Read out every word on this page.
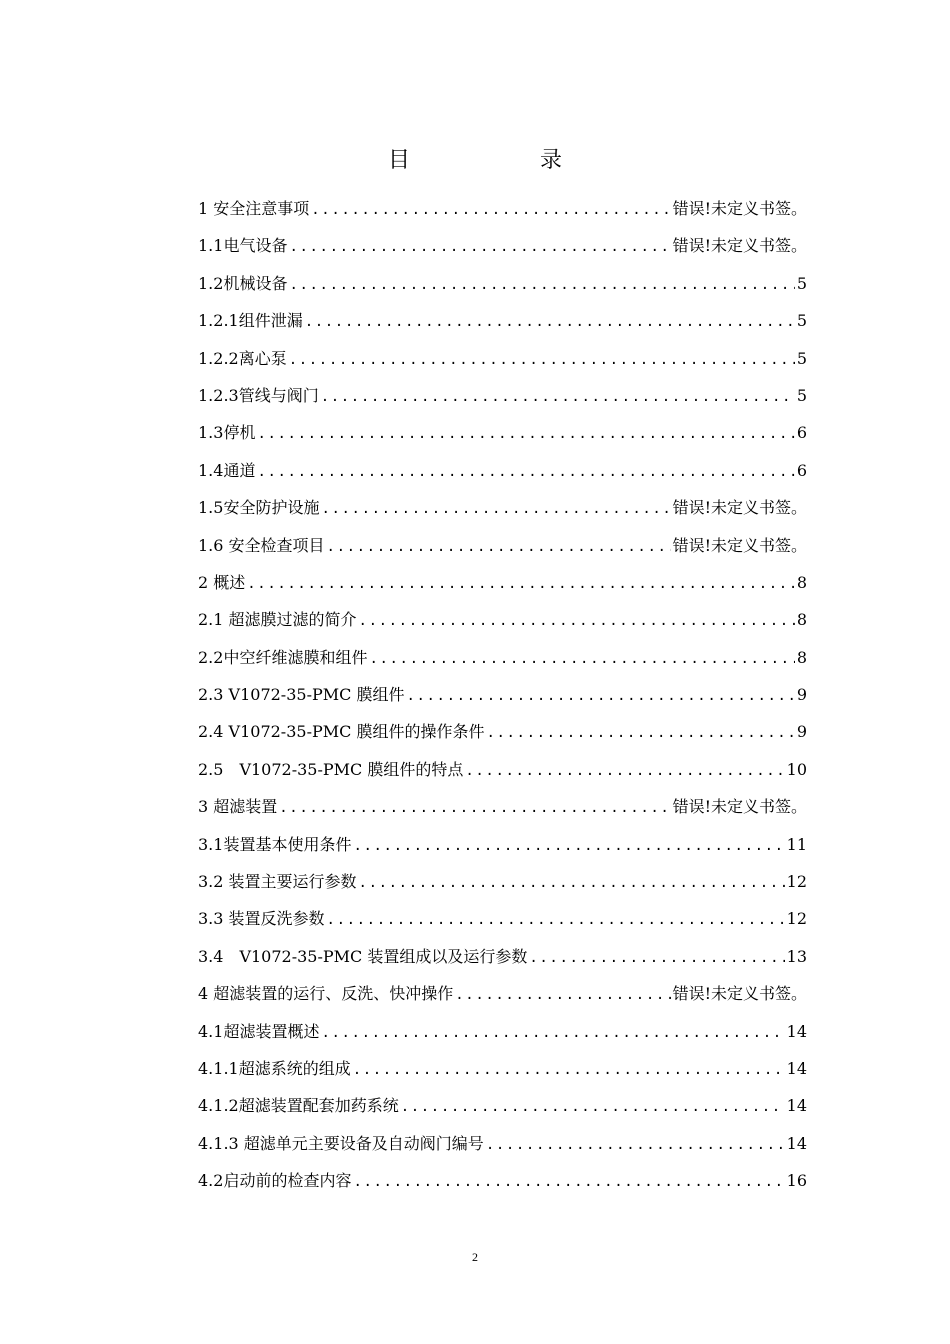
目　录
1 安全注意事项 .....	错误!未定义书签。
1.1电气设备 .....	错误!未定义书签。
1.2机械设备 .....	5
1.2.1组件泄漏 .....	5
1.2.2离心泵 .....	5
1.2.3管线与阀门 .....	5
1.3停机 .....	6
1.4通道 .....	6
1.5安全防护设施 .....	错误!未定义书签。
1.6 安全检查项目 .....	错误!未定义书签。
2 概述 .....	8
2.1 超滤膜过滤的简介 .....	8
2.2中空纤维滤膜和组件 .....	8
2.3 V1072-35-PMC 膜组件 .....	9
2.4 V1072-35-PMC 膜组件的操作条件 .....	9
2.5　V1072-35-PMC 膜组件的特点 .....	10
3 超滤装置 .....	错误!未定义书签。
3.1装置基本使用条件 .....	11
3.2 装置主要运行参数 .....	12
3.3 装置反洗参数 .....	12
3.4　V1072-35-PMC 装置组成以及运行参数 .....	13
4 超滤装置的运行、反洗、快冲操作 .....	错误!未定义书签。
4.1超滤装置概述 .....	14
4.1.1超滤系统的组成 .....	14
4.1.2超滤装置配套加药系统 .....	14
4.1.3 超滤单元主要设备及自动阀门编号 .....	14
4.2启动前的检查内容 .....	16
2
